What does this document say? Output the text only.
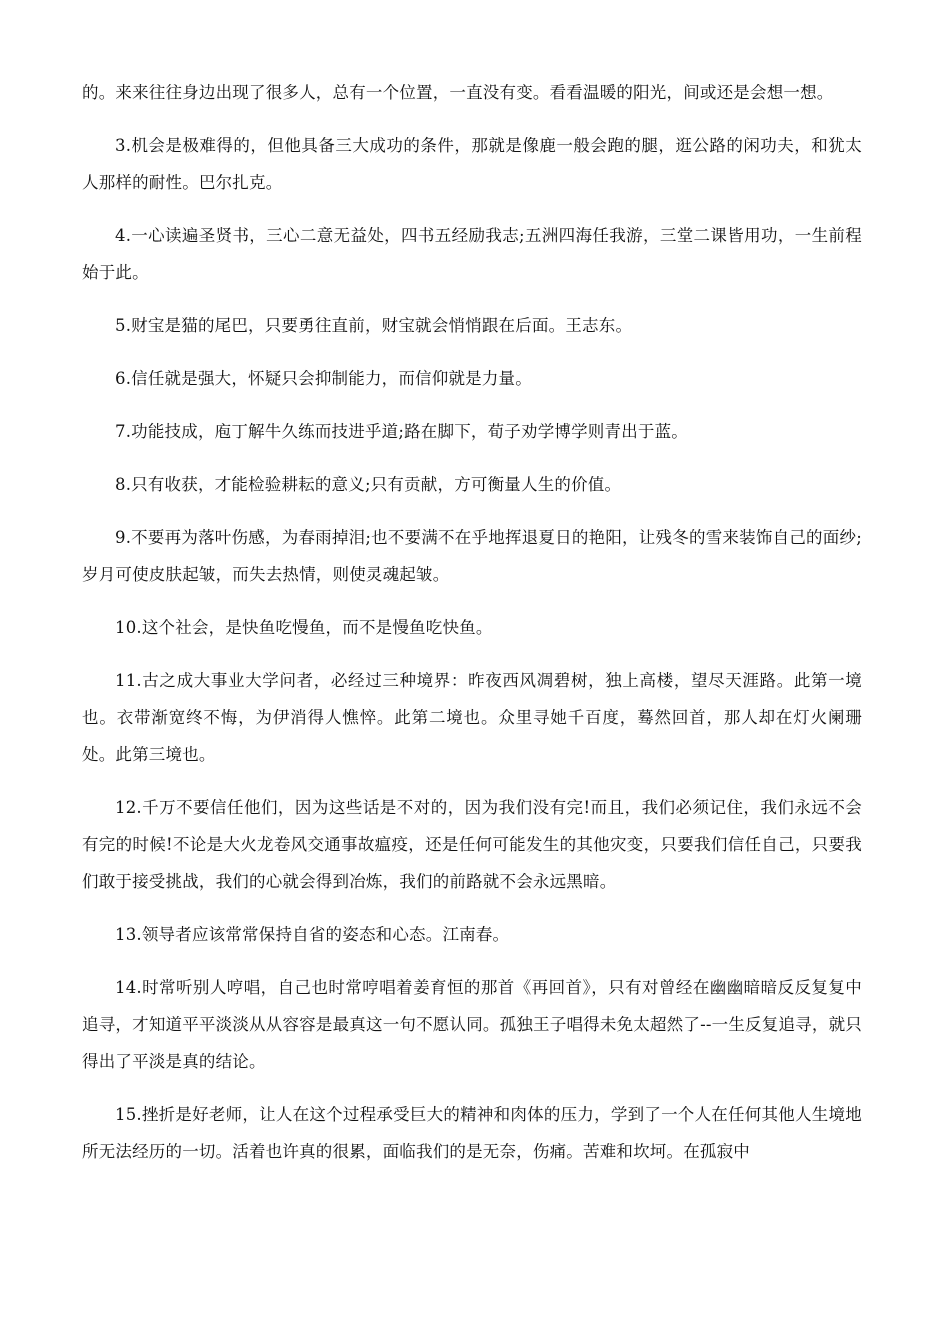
的。来来往往身边出现了很多人，总有一个位置，一直没有变。看看温暖的阳光，间或还是会想一想。

3.机会是极难得的，但他具备三大成功的条件，那就是像鹿一般会跑的腿，逛公路的闲功夫，和犹太人那样的耐性。巴尔扎克。

4.一心读遍圣贤书，三心二意无益处，四书五经励我志;五洲四海任我游，三堂二课皆用功，一生前程始于此。

5.财宝是猫的尾巴，只要勇往直前，财宝就会悄悄跟在后面。王志东。

6.信任就是强大，怀疑只会抑制能力，而信仰就是力量。

7.功能技成，庖丁解牛久练而技进乎道;路在脚下，荀子劝学博学则青出于蓝。

8.只有收获，才能检验耕耘的意义;只有贡献，方可衡量人生的价值。

9.不要再为落叶伤感，为春雨掉泪;也不要满不在乎地挥退夏日的艳阳，让残冬的雪来装饰自己的面纱;岁月可使皮肤起皱，而失去热情，则使灵魂起皱。

10.这个社会，是快鱼吃慢鱼，而不是慢鱼吃快鱼。

11.古之成大事业大学问者，必经过三种境界：昨夜西风凋碧树，独上高楼，望尽天涯路。此第一境也。衣带渐宽终不悔，为伊消得人憔悴。此第二境也。众里寻她千百度，蓦然回首，那人却在灯火阑珊处。此第三境也。

12.千万不要信任他们，因为这些话是不对的，因为我们没有完!而且，我们必须记住，我们永远不会有完的时候!不论是大火龙卷风交通事故瘟疫，还是任何可能发生的其他灾变，只要我们信任自己，只要我们敢于接受挑战，我们的心就会得到冶炼，我们的前路就不会永远黑暗。

13.领导者应该常常保持自省的姿态和心态。江南春。

14.时常听别人哼唱，自己也时常哼唱着姜育恒的那首《再回首》，只有对曾经在幽幽暗暗反反复复中追寻，才知道平平淡淡从从容容是最真这一句不愿认同。孤独王子唱得未免太超然了--一生反复追寻，就只得出了平淡是真的结论。

15.挫折是好老师，让人在这个过程承受巨大的精神和肉体的压力，学到了一个人在任何其他人生境地所无法经历的一切。活着也许真的很累，面临我们的是无奈，伤痛。苦难和坎坷。在孤寂中
